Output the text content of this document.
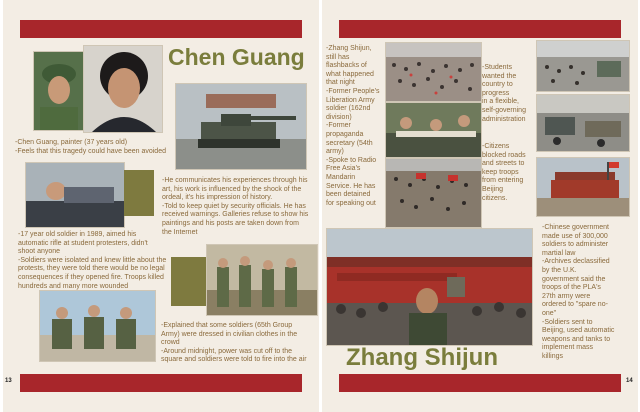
Chen Guang
-Chen Guang, painter (37 years old)
-Feels that this tragedy could have been avoided
-He communicates his experiences through his
art, his work is influenced by the shock of the
ordeal, it's his impression of history.
-Told to keep quiet by security officials. He has
received warnings. Galleries refuse to show his
paintings and his posts are taken down from
the Internet
-17 year old soldier in 1989, aimed his
automatic rifle at student protesters, didn't
shoot anyone
-Soldiers were isolated and knew little about the
protests, they were told there would be no legal
consequences if they opened fire. Troops killed
hundreds and many more wounded
-Explained that some soldiers (65th Group
Army) were dressed in civilian clothes in the
crowd
-Around midnight, power was cut off to the
square and soldiers were told to fire into the air
13
-Zhang Shijun,
still has
flashbacks of
what happened
that night
-Former People's
Liberation Army
soldier (162nd
division)
-Former
propaganda
secretary (54th
army)
-Spoke to Radio
Free Asia's
Mandarin
Service. He has
been detained
for speaking out
-Students
wanted the
country to
progress
in a flexible,
self-governing
administration
-Citizens
blocked roads
and streets to
keep troops
from entering
Beijing
citizens.
Zhang Shijun
-Chinese government
made use of 300,000
soldiers to administer
martial law
-Archives declassified
by the U.K.
government said the
troops of the PLA's
27th army were
ordered to "spare no-
one"
-Soldiers sent to
Beijing, used automatic
weapons and tanks to
implement mass
killings
14
